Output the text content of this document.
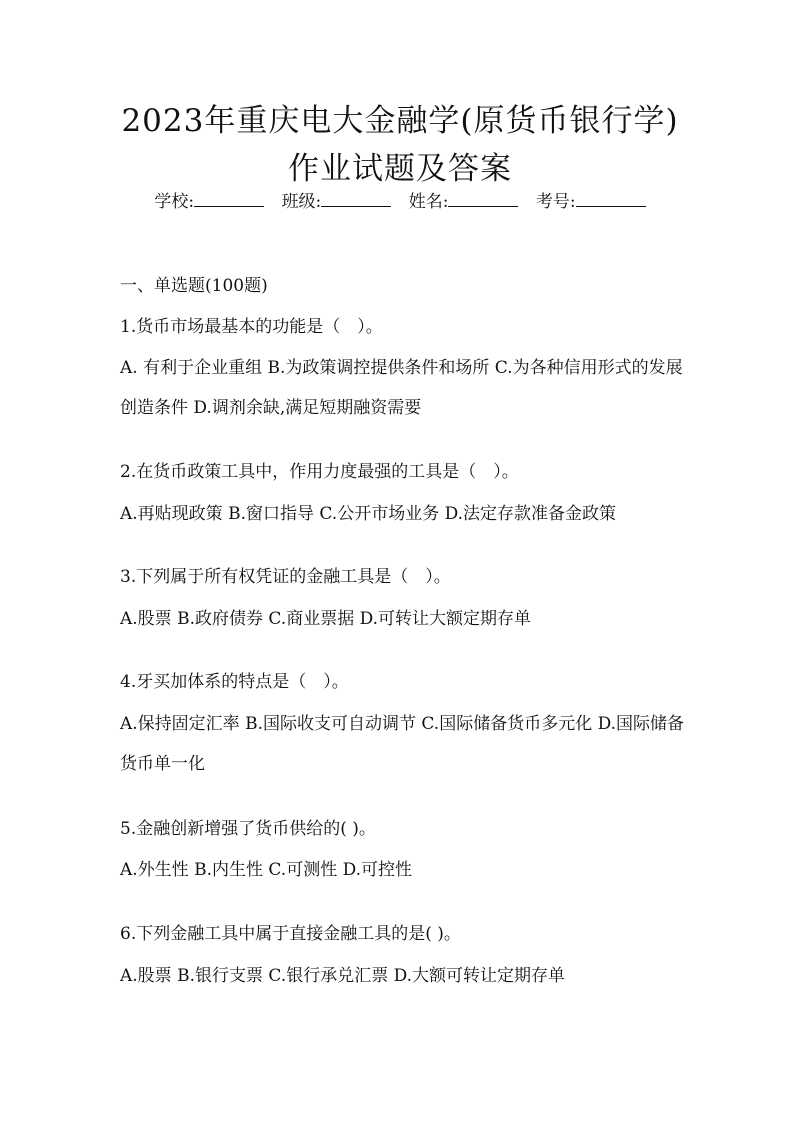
2023年重庆电大金融学(原货币银行学)作业试题及答案
学校:	班级:	姓名:	考号:
一、单选题(100题)
1.货币市场最基本的功能是（　）。
A. 有利于企业重组 B.为政策调控提供条件和场所 C.为各种信用形式的发展创造条件 D.调剂余缺,满足短期融资需要
2.在货币政策工具中，作用力度最强的工具是（　）。
A.再贴现政策 B.窗口指导 C.公开市场业务 D.法定存款准备金政策
3.下列属于所有权凭证的金融工具是（　）。
A.股票 B.政府债券 C.商业票据 D.可转让大额定期存单
4.牙买加体系的特点是（　）。
A.保持固定汇率 B.国际收支可自动调节 C.国际储备货币多元化 D.国际储备货币单一化
5.金融创新增强了货币供给的( )。
A.外生性 B.内生性 C.可测性 D.可控性
6.下列金融工具中属于直接金融工具的是( )。
A.股票 B.银行支票 C.银行承兑汇票 D.大额可转让定期存单
